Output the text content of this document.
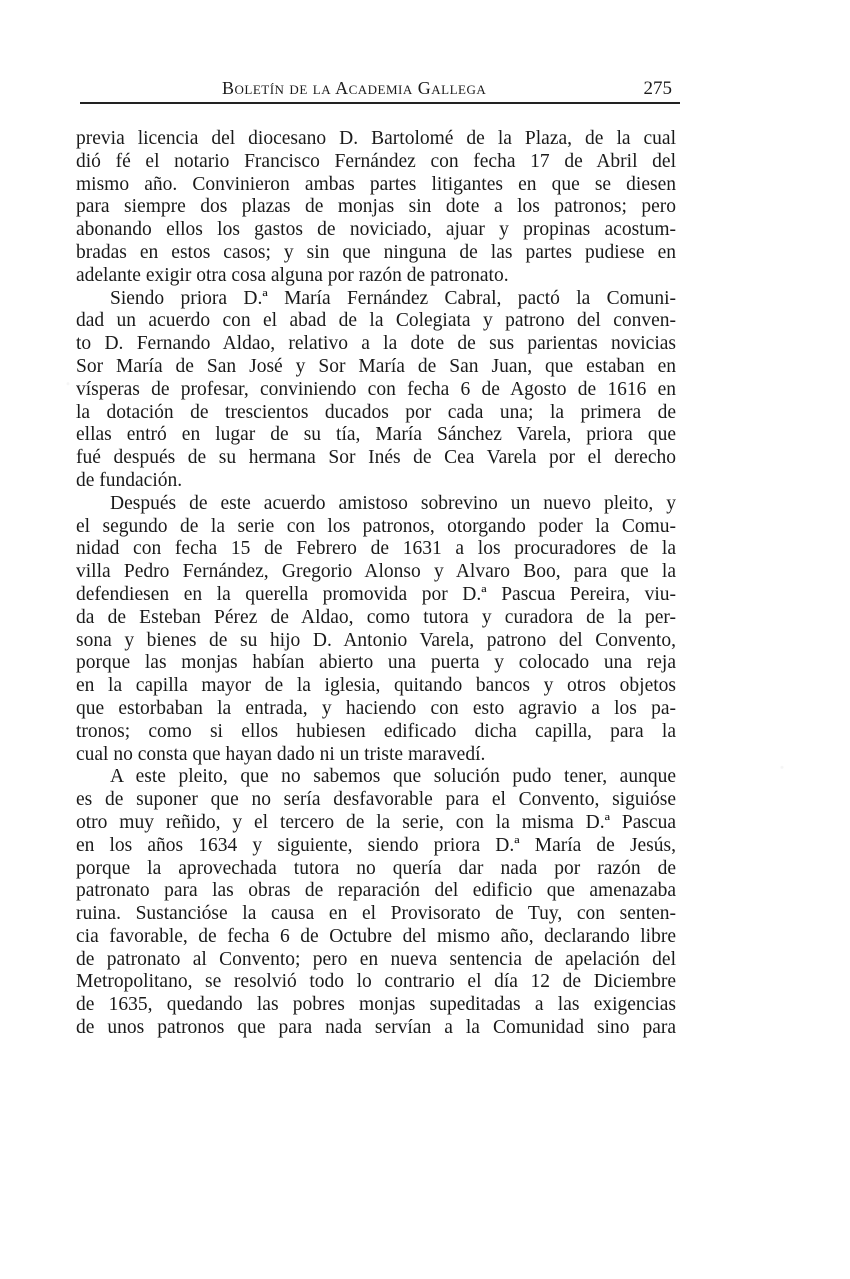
Boletín de la Academia Gallega	275
previa licencia del diocesano D. Bartolomé de la Plaza, de la cual
dió fé el notario Francisco Fernández con fecha 17 de Abril del
mismo año. Convinieron ambas partes litigantes en que se diesen
para siempre dos plazas de monjas sin dote a los patronos; pero
abonando ellos los gastos de noviciado, ajuar y propinas acostum-
bradas en estos casos; y sin que ninguna de las partes pudiese en
adelante exigir otra cosa alguna por razón de patronato.
Siendo priora D.ª María Fernández Cabral, pactó la Comuni-
dad un acuerdo con el abad de la Colegiata y patrono del conven-
to D. Fernando Aldao, relativo a la dote de sus parientas novicias
Sor María de San José y Sor María de San Juan, que estaban en
vísperas de profesar, conviniendo con fecha 6 de Agosto de 1616 en
la dotación de trescientos ducados por cada una; la primera de
ellas entró en lugar de su tía, María Sánchez Varela, priora que
fué después de su hermana Sor Inés de Cea Varela por el derecho
de fundación.
Después de este acuerdo amistoso sobrevino un nuevo pleito, y
el segundo de la serie con los patronos, otorgando poder la Comu-
nidad con fecha 15 de Febrero de 1631 a los procuradores de la
villa Pedro Fernández, Gregorio Alonso y Alvaro Boo, para que la
defendiesen en la querella promovida por D.ª Pascua Pereira, viu-
da de Esteban Pérez de Aldao, como tutora y curadora de la per-
sona y bienes de su hijo D. Antonio Varela, patrono del Convento,
porque las monjas habían abierto una puerta y colocado una reja
en la capilla mayor de la iglesia, quitando bancos y otros objetos
que estorbaban la entrada, y haciendo con esto agravio a los pa-
tronos; como si ellos hubiesen edificado dicha capilla, para la
cual no consta que hayan dado ni un triste maravedí.
A este pleito, que no sabemos que solución pudo tener, aunque
es de suponer que no sería desfavorable para el Convento, siguióse
otro muy reñido, y el tercero de la serie, con la misma D.ª Pascua
en los años 1634 y siguiente, siendo priora D.ª María de Jesús,
porque la aprovechada tutora no quería dar nada por razón de
patronato para las obras de reparación del edificio que amenazaba
ruina. Sustancióse la causa en el Provisorato de Tuy, con senten-
cia favorable, de fecha 6 de Octubre del mismo año, declarando libre
de patronato al Convento; pero en nueva sentencia de apelación del
Metropolitano, se resolvió todo lo contrario el día 12 de Diciembre
de 1635, quedando las pobres monjas supeditadas a las exigencias
de unos patronos que para nada servían a la Comunidad sino para
